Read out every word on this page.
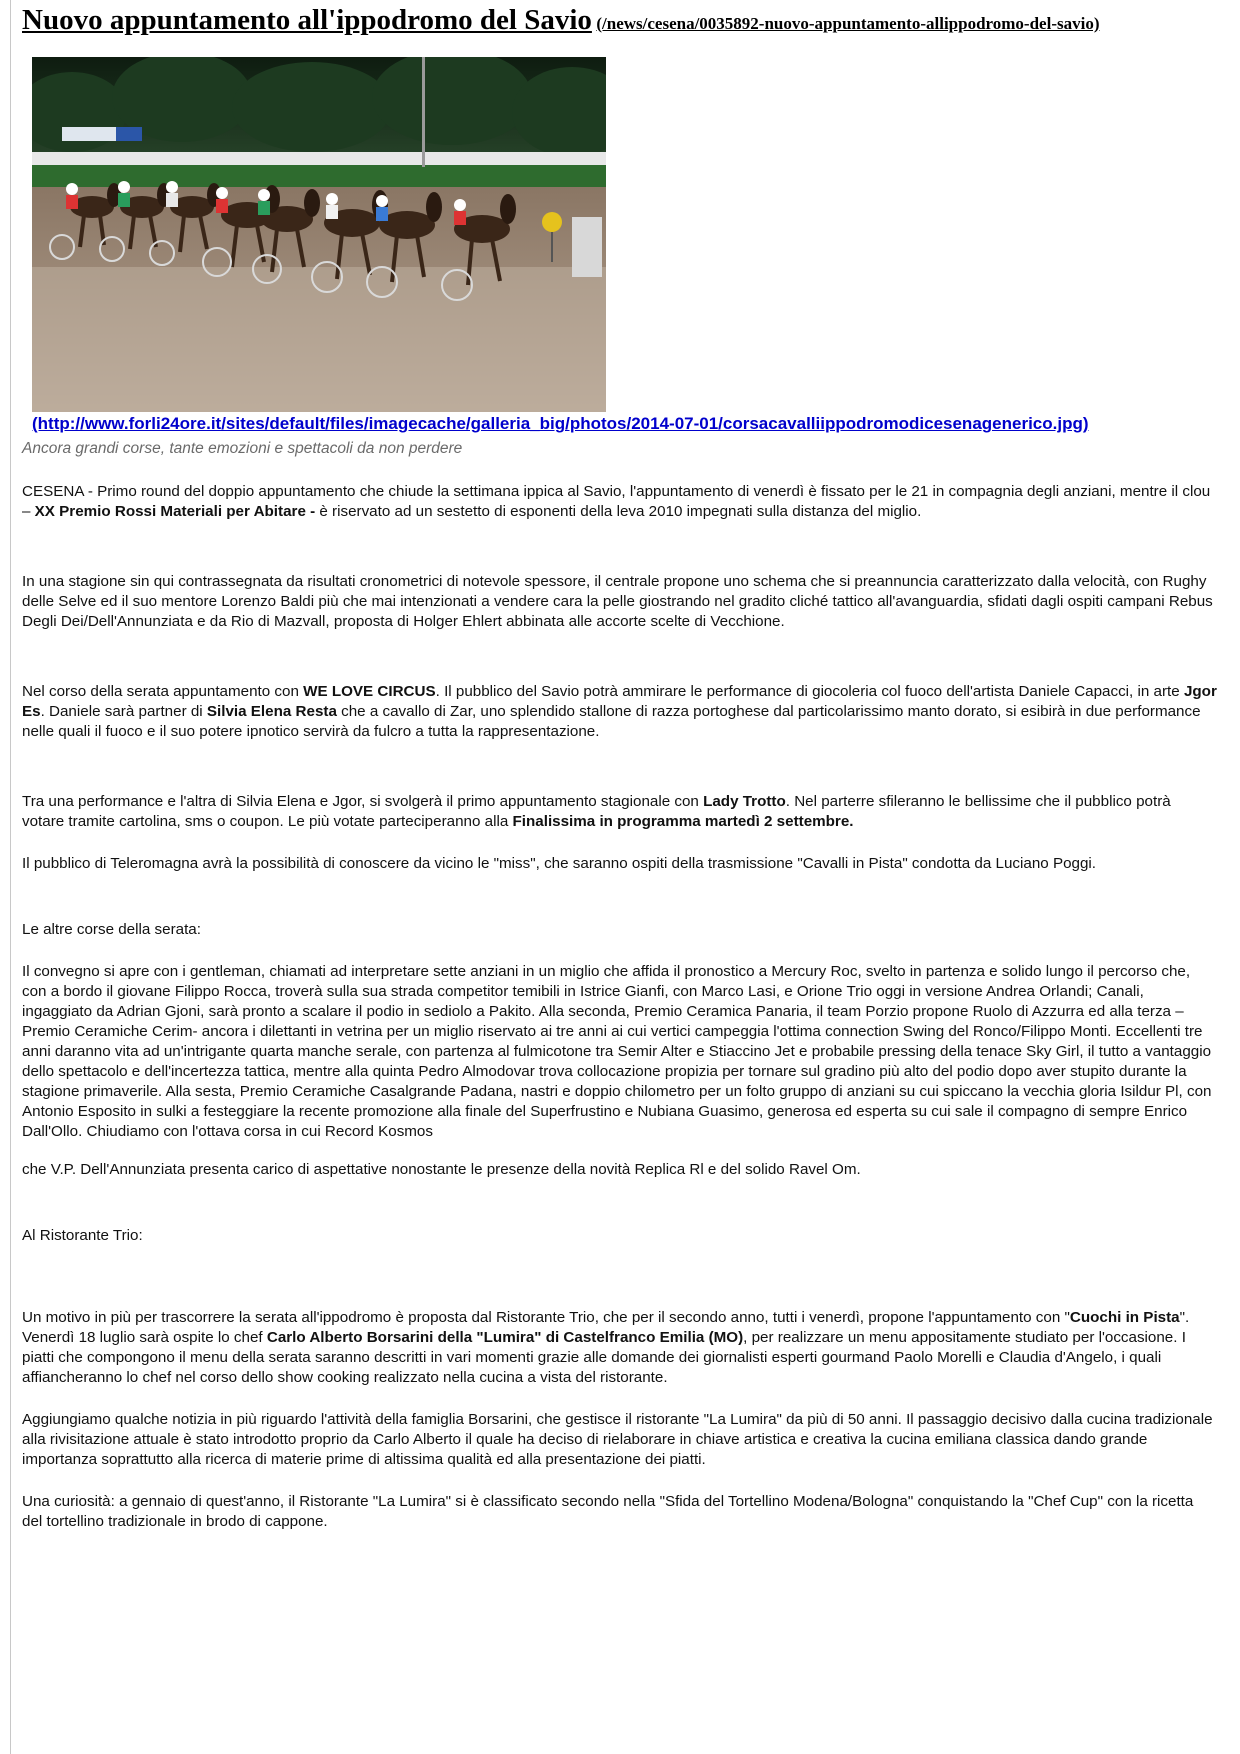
Nuovo appuntamento all'ippodromo del Savio (/news/cesena/0035892-nuovo-appuntamento-allippodromo-del-savio)
(http://www.forli24ore.it/sites/default/files/imagecache/galleria_big/photos/2014-07-01/corsacavalliippodromodicesenagenerico.jpg)
Ancora grandi corse, tante emozioni e spettacoli da non perdere

CESENA - Primo round del doppio appuntamento che chiude la settimana ippica al Savio, l'appuntamento di venerdì è fissato per le 21 in compagnia degli anziani, mentre il clou – XX Premio Rossi Materiali per Abitare - è riservato ad un sestetto di esponenti della leva 2010 impegnati sulla distanza del miglio.

In una stagione sin qui contrassegnata da risultati cronometrici di notevole spessore, il centrale propone uno schema che si preannuncia caratterizzato dalla velocità, con Rughy delle Selve ed il suo mentore Lorenzo Baldi più che mai intenzionati a vendere cara la pelle giostrando nel gradito cliché tattico all'avanguardia, sfidati dagli ospiti campani Rebus Degli Dei/Dell'Annunziata e da Rio di Mazvall, proposta di Holger Ehlert abbinata alle accorte scelte di Vecchione.

Nel corso della serata appuntamento con WE LOVE CIRCUS. Il pubblico del Savio potrà ammirare le performance di giocoleria col fuoco dell'artista Daniele Capacci, in arte Jgor Es. Daniele sarà partner di Silvia Elena Resta che a cavallo di Zar, uno splendido stallone di razza portoghese dal particolarissimo manto dorato, si esibirà in due performance nelle quali il fuoco e il suo potere ipnotico servirà da fulcro a tutta la rappresentazione.

Tra una performance e l'altra di Silvia Elena e Jgor, si svolgerà il primo appuntamento stagionale con Lady Trotto. Nel parterre sfileranno le bellissime che il pubblico potrà votare tramite cartolina, sms o coupon. Le più votate parteciperanno alla Finalissima in programma martedì 2 settembre.

Il pubblico di Teleromagna avrà la possibilità di conoscere da vicino le "miss", che saranno ospiti della trasmissione "Cavalli in Pista" condotta da Luciano Poggi.

Le altre corse della serata:

Il convegno si apre con i gentleman, chiamati ad interpretare sette anziani in un miglio che affida il pronostico a Mercury Roc, svelto in partenza e solido lungo il percorso che, con a bordo il giovane Filippo Rocca, troverà sulla sua strada competitor temibili in Istrice Gianfi, con Marco Lasi, e Orione Trio oggi in versione Andrea Orlandi; Canali, ingaggiato da Adrian Gjoni, sarà pronto a scalare il podio in sediolo a Pakito. Alla seconda, Premio Ceramica Panaria, il team Porzio propone Ruolo di Azzurra ed alla terza – Premio Ceramiche Cerim- ancora i dilettanti in vetrina per un miglio riservato ai tre anni ai cui vertici campeggia l'ottima connection Swing del Ronco/Filippo Monti. Eccellenti tre anni daranno vita ad un'intrigante quarta manche serale, con partenza al fulmicotone tra Semir Alter e Stiaccino Jet e probabile pressing della tenace Sky Girl, il tutto a vantaggio dello spettacolo e dell'incertezza tattica, mentre alla quinta Pedro Almodovar trova collocazione propizia per tornare sul gradino più alto del podio dopo aver stupito durante la stagione primaverile. Alla sesta, Premio Ceramiche Casalgrande Padana, nastri e doppio chilometro per un folto gruppo di anziani su cui spiccano la vecchia gloria Isildur Pl, con Antonio Esposito in sulki a festeggiare la recente promozione alla finale del Superfrustino e Nubiana Guasimo, generosa ed esperta su cui sale il compagno di sempre Enrico Dall'Ollo. Chiudiamo con l'ottava corsa in cui Record Kosmos

che V.P. Dell'Annunziata presenta carico di aspettative nonostante le presenze della novità Replica Rl e del solido Ravel Om.

Al Ristorante Trio:

Un motivo in più per trascorrere la serata all'ippodromo è proposta dal Ristorante Trio, che per il secondo anno, tutti i venerdì, propone l'appuntamento con "Cuochi in Pista". Venerdì 18 luglio sarà ospite lo chef Carlo Alberto Borsarini della "Lumira" di Castelfranco Emilia (MO), per realizzare un menu appositamente studiato per l'occasione. I piatti che compongono il menu della serata saranno descritti in vari momenti grazie alle domande dei giornalisti esperti gourmand Paolo Morelli e Claudia d'Angelo, i quali affiancheranno lo chef nel corso dello show cooking realizzato nella cucina a vista del ristorante.

Aggiungiamo qualche notizia in più riguardo l'attività della famiglia Borsarini, che gestisce il ristorante "La Lumira" da più di 50 anni. Il passaggio decisivo dalla cucina tradizionale alla rivisitazione attuale è stato introdotto proprio da Carlo Alberto il quale ha deciso di rielaborare in chiave artistica e creativa la cucina emiliana classica dando grande importanza soprattutto alla ricerca di materie prime di altissima qualità ed alla presentazione dei piatti.

Una curiosità: a gennaio di quest'anno, il Ristorante "La Lumira" si è classificato secondo nella "Sfida del Tortellino Modena/Bologna" conquistando la "Chef Cup" con la ricetta del tortellino tradizionale in brodo di cappone.
